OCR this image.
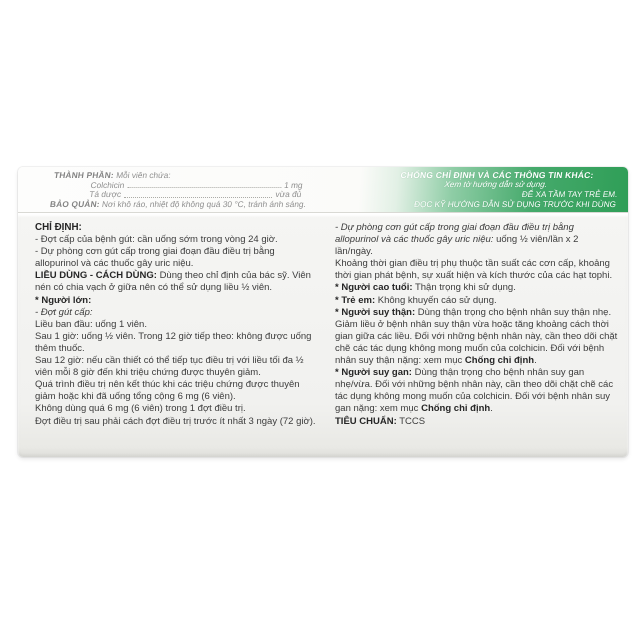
THÀNH PHẦN: Mỗi viên chứa:
Colchicin	1 mg
Tá dược	vừa đủ
BẢO QUẢN: Nơi khô ráo, nhiệt độ không quá 30 °C, tránh ánh sáng.
CHỐNG CHỈ ĐỊNH VÀ CÁC THÔNG TIN KHÁC:
Xem tờ hướng dẫn sử dụng.
ĐỂ XA TẦM TAY TRẺ EM.
ĐỌC KỸ HƯỚNG DẪN SỬ DỤNG TRƯỚC KHI DÙNG

CHỈ ĐỊNH:

- Đợt cấp của bệnh gút: cần uống sớm trong vòng 24 giờ.

- Dự phòng cơn gút cấp trong giai đoạn đầu điều trị bằng allopurinol và các thuốc gây uric niệu.

LIỀU DÙNG - CÁCH DÙNG: Dùng theo chỉ định của bác sỹ. Viên nén có chia vạch ở giữa nên có thể sử dụng liều ½ viên.

* Người lớn:

- Đợt gút cấp:

Liều ban đầu: uống 1 viên.

Sau 1 giờ: uống ½ viên. Trong 12 giờ tiếp theo: không được uống thêm thuốc.

Sau 12 giờ: nếu cần thiết có thể tiếp tục điều trị với liều tối đa ½ viên mỗi 8 giờ đến khi triệu chứng được thuyên giảm.

Quá trình điều trị nên kết thúc khi các triệu chứng được thuyên giảm hoặc khi đã uống tổng cộng 6 mg (6 viên).

Không dùng quá 6 mg (6 viên) trong 1 đợt điều trị.

Đợt điều trị sau phải cách đợt điều trị trước ít nhất 3 ngày (72 giờ).

- Dự phòng cơn gút cấp trong giai đoạn đầu điều trị bằng allopurinol và các thuốc gây uric niệu: uống ½ viên/lần x 2 lần/ngày.

Khoảng thời gian điều trị phụ thuộc tần suất các cơn cấp, khoảng thời gian phát bệnh, sự xuất hiện và kích thước của các hạt tophi.

* Người cao tuổi: Thận trọng khi sử dụng.

* Trẻ em: Không khuyến cáo sử dụng.

* Người suy thận: Dùng thận trọng cho bệnh nhân suy thận nhẹ. Giảm liều ở bệnh nhân suy thận vừa hoặc tăng khoảng cách thời gian giữa các liều. Đối với những bệnh nhân này, cần theo dõi chặt chẽ các tác dụng không mong muốn của colchicin. Đối với bệnh nhân suy thận nặng: xem mục Chống chỉ định.

* Người suy gan: Dùng thận trọng cho bệnh nhân suy gan nhẹ/vừa. Đối với những bệnh nhân này, cần theo dõi chặt chẽ các tác dụng không mong muốn của colchicin. Đối với bệnh nhân suy gan nặng: xem mục Chống chỉ định.

TIÊU CHUẨN: TCCS
